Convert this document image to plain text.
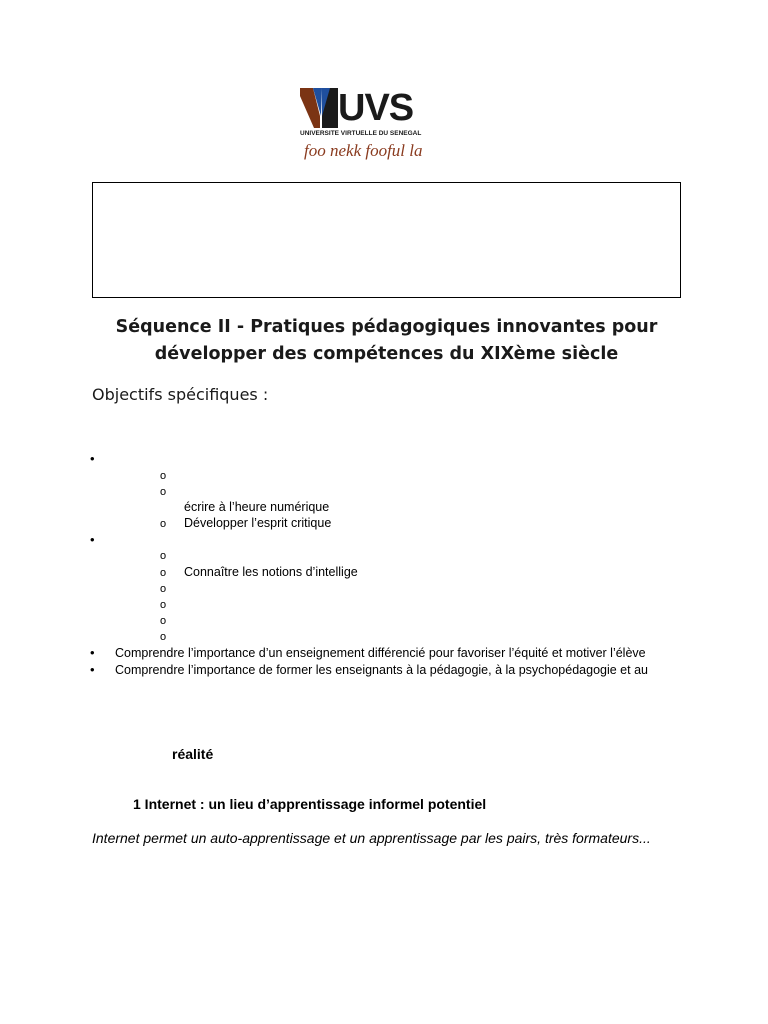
UVS
UNIVERSITE VIRTUELLE DU SENEGAL
foo nekk fooful la
Séquence II - Pratiques pédagogiques innovantes pour
développer des compétences du XIXème siècle
Objectifs spécifiques :
•
o
o
écrire à l’heure numérique
o Développer l’esprit critique
•
o
o Connaître les notions d’intellige
o
o
o
o
• Comprendre l’importance d’un enseignement différencié pour favoriser l’équité et motiver l’élève
• Comprendre l’importance de former les enseignants à la pédagogie, à la psychopédagogie et au
réalité
1 Internet : un lieu d’apprentissage informel potentiel
Internet permet un auto-apprentissage et un apprentissage par les pairs, très formateurs...
